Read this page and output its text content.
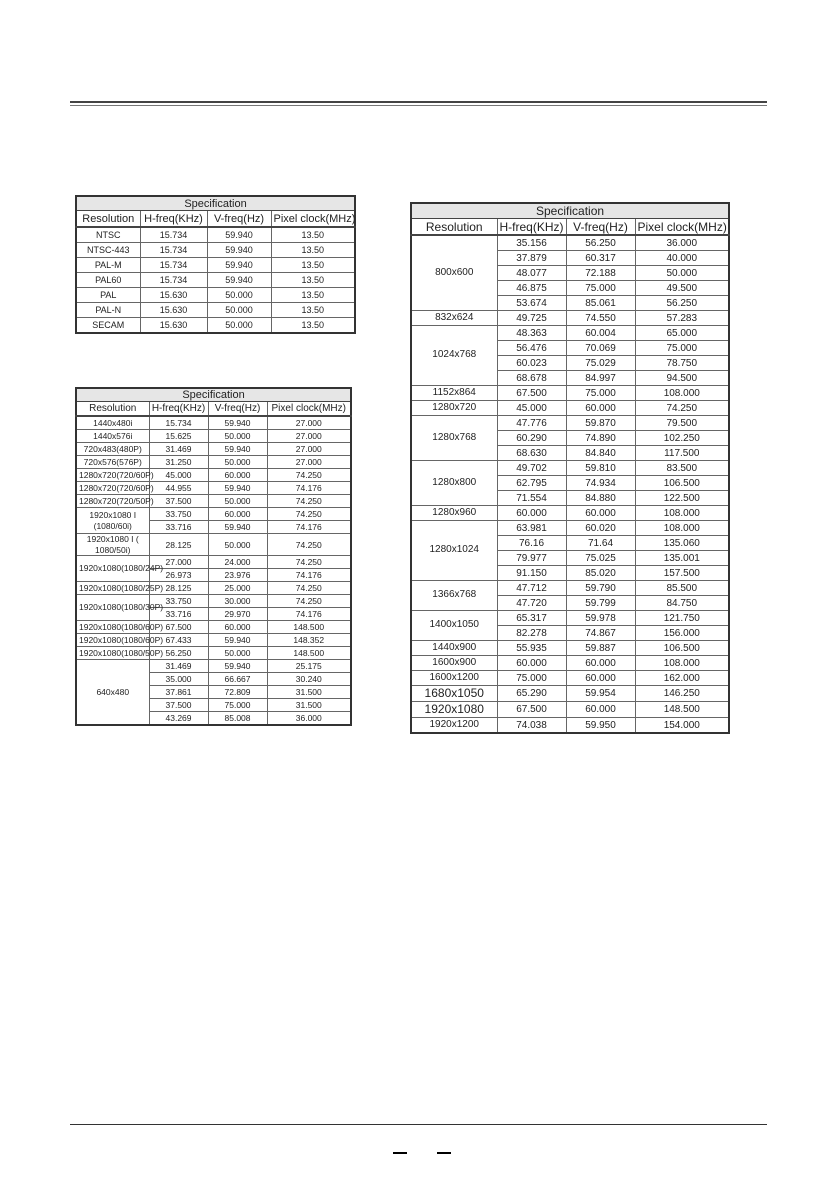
Specification			
Resolution	H-freq(KHz)	V-freq(Hz)	Pixel clock(MHz)
NTSC	15.734	59.940	13.50
NTSC-443	15.734	59.940	13.50
PAL-M	15.734	59.940	13.50
PAL60	15.734	59.940	13.50
PAL	15.630	50.000	13.50
PAL-N	15.630	50.000	13.50
SECAM	15.630	50.000	13.50
Specification			
Resolution	H-freq(KHz)	V-freq(Hz)	Pixel clock(MHz)
1440x480i	15.734	59.940	27.000
1440x576i	15.625	50.000	27.000
720x483(480P)	31.469	59.940	27.000
720x576(576P)	31.250	50.000	27.000
1280x720(720/60P)	45.000	60.000	74.250
1280x720(720/60P)	44.955	59.940	74.176
1280x720(720/50P)	37.500	50.000	74.250
1920x1080 I (1080/60i)	33.750	60.000	74.250
	33.716	59.940	74.176
1920x1080 I ( 1080/50i)	28.125	50.000	74.250
1920x1080(1080/24P)	27.000	24.000	74.250
	26.973	23.976	74.176
1920x1080(1080/25P)	28.125	25.000	74.250
1920x1080(1080/30P)	33.750	30.000	74.250
	33.716	29.970	74.176
1920x1080(1080/60P)	67.500	60.000	148.500
1920x1080(1080/60P)	67.433	59.940	148.352
1920x1080(1080/50P)	56.250	50.000	148.500
640x480	31.469	59.940	25.175
	35.000	66.667	30.240
	37.861	72.809	31.500
	37.500	75.000	31.500
	43.269	85.008	36.000
Specification			
Resolution	H-freq(KHz)	V-freq(Hz)	Pixel clock(MHz)
800x600	35.156	56.250	36.000
	37.879	60.317	40.000
	48.077	72.188	50.000
	46.875	75.000	49.500
	53.674	85.061	56.250
832x624	49.725	74.550	57.283
1024x768	48.363	60.004	65.000
	56.476	70.069	75.000
	60.023	75.029	78.750
	68.678	84.997	94.500
1152x864	67.500	75.000	108.000
1280x720	45.000	60.000	74.250
1280x768	47.776	59.870	79.500
	60.290	74.890	102.250
	68.630	84.840	117.500
1280x800	49.702	59.810	83.500
	62.795	74.934	106.500
	71.554	84.880	122.500
1280x960	60.000	60.000	108.000
1280x1024	63.981	60.020	108.000
	76.16	71.64	135.060
	79.977	75.025	135.001
	91.150	85.020	157.500
1366x768	47.712	59.790	85.500
	47.720	59.799	84.750
1400x1050	65.317	59.978	121.750
	82.278	74.867	156.000
1440x900	55.935	59.887	106.500
1600x900	60.000	60.000	108.000
1600x1200	75.000	60.000	162.000
1680x1050	65.290	59.954	146.250
1920x1080	67.500	60.000	148.500
1920x1200	74.038	59.950	154.000
